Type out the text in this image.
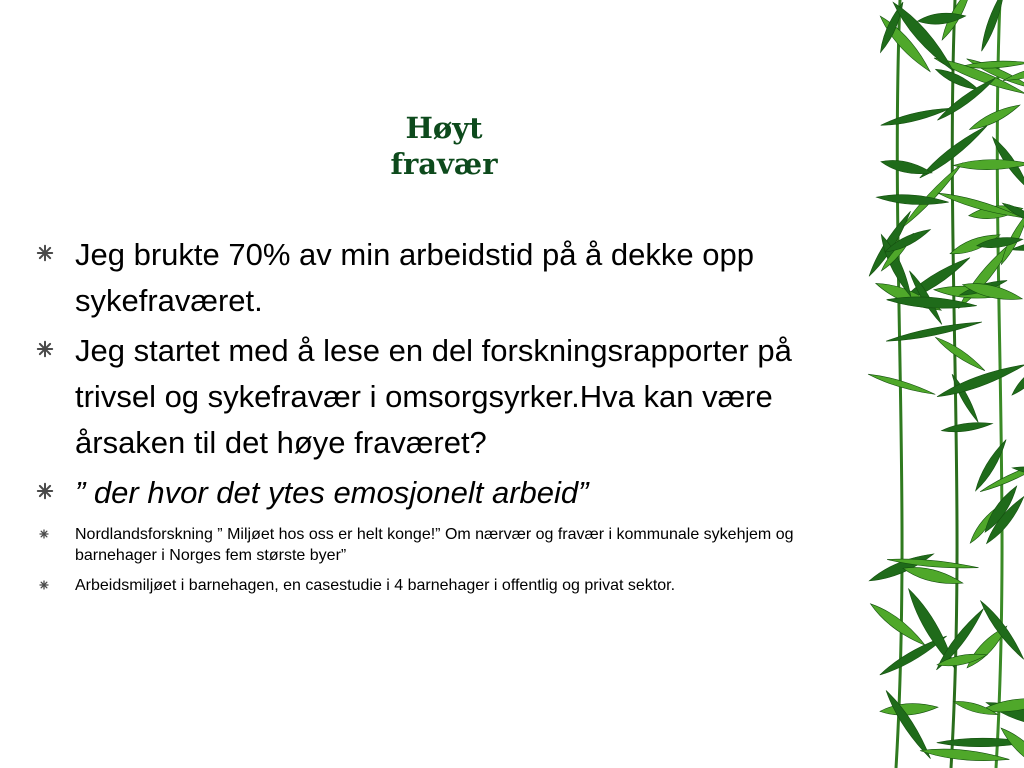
Høyt
fravær
Jeg brukte 70% av min arbeidstid på å dekke opp sykefraværet.
Jeg startet med å lese en del forskningsrapporter på trivsel og sykefravær i omsorgsyrker.Hva kan være årsaken til det høye fraværet?
” der hvor det ytes emosjonelt arbeid”
Nordlandsforskning ” Miljøet hos oss er helt konge!” Om nærvær og fravær i kommunale sykehjem og barnehager i Norges fem største byer”
Arbeidsmiljøet i barnehagen, en casestudie i 4 barnehager i offentlig og privat sektor.
